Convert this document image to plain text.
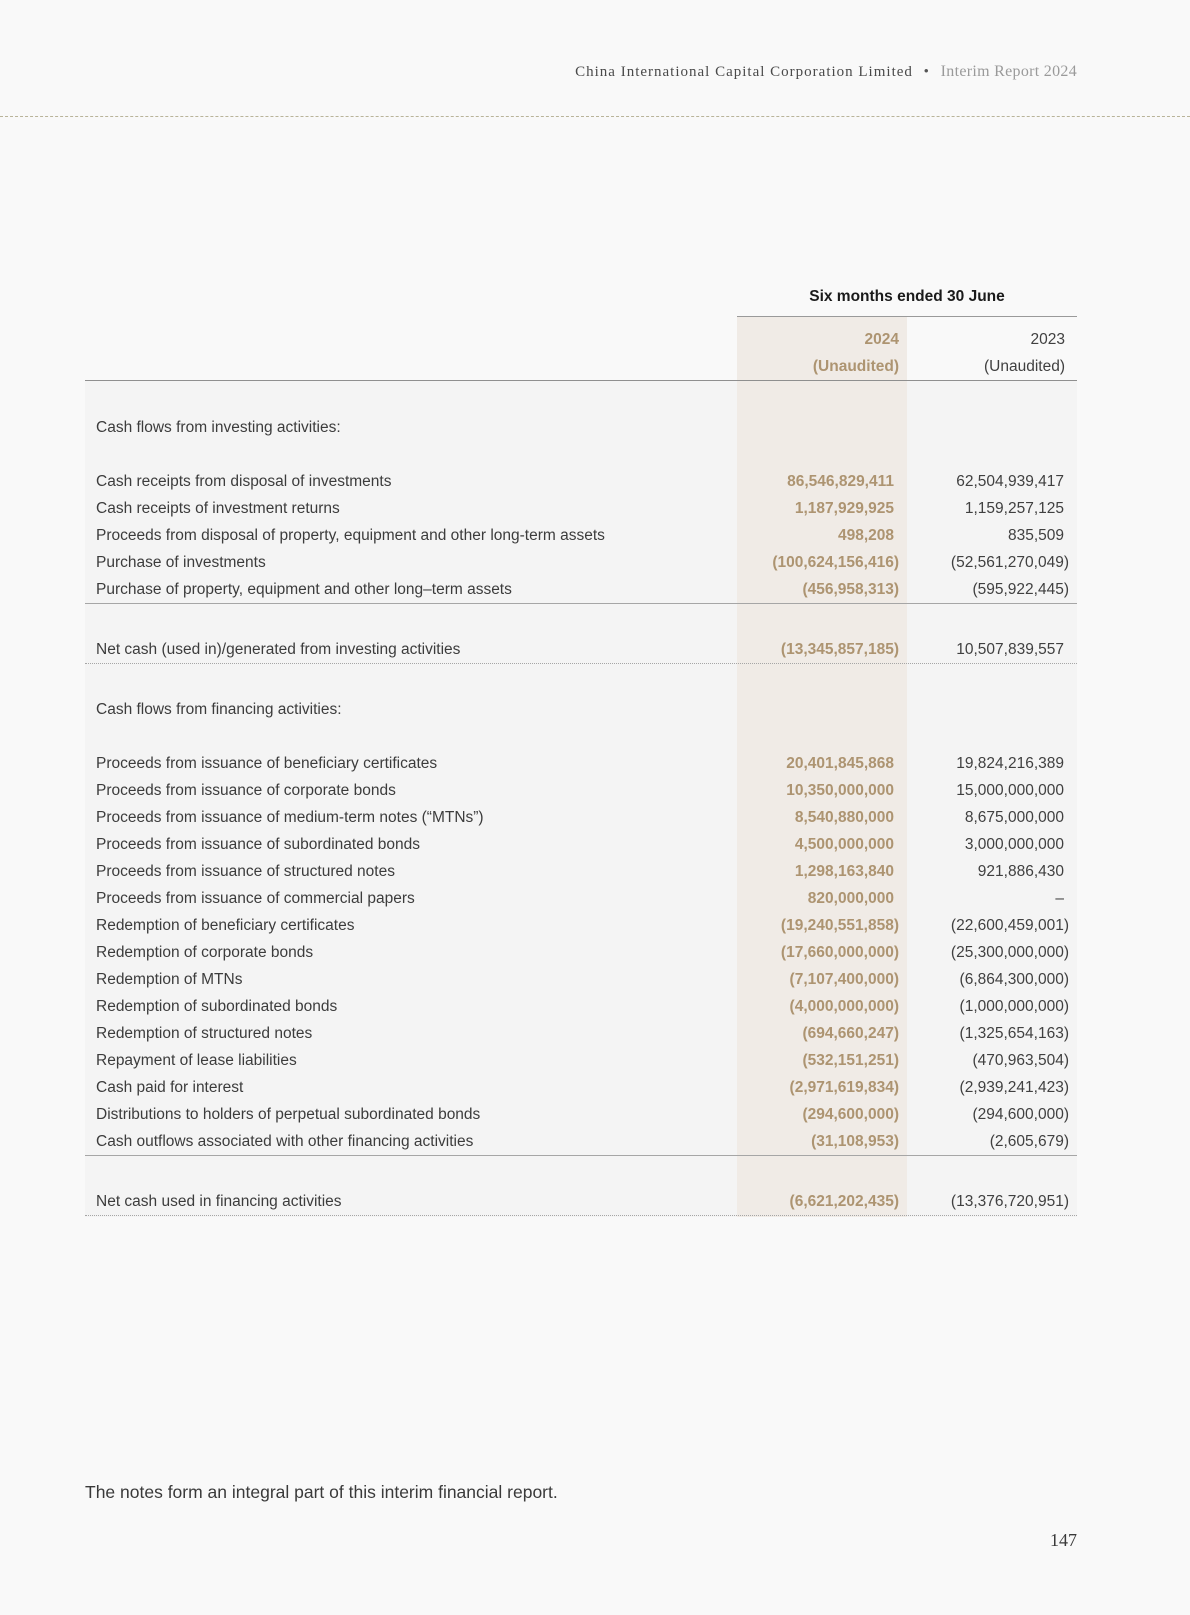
China International Capital Corporation Limited • Interim Report 2024
Six months ended 30 June
2024
(Unaudited)
2023
(Unaudited)
Cash flows from investing activities:
Cash receipts from disposal of investments	86,546,829,411	62,504,939,417
Cash receipts of investment returns	1,187,929,925	1,159,257,125
Proceeds from disposal of property, equipment and other long-term assets	498,208	835,509
Purchase of investments	(100,624,156,416)	(52,561,270,049)
Purchase of property, equipment and other long–term assets	(456,958,313)	(595,922,445)
Net cash (used in)/generated from investing activities	(13,345,857,185)	10,507,839,557
Cash flows from financing activities:
Proceeds from issuance of beneficiary certificates	20,401,845,868	19,824,216,389
Proceeds from issuance of corporate bonds	10,350,000,000	15,000,000,000
Proceeds from issuance of medium-term notes (“MTNs”)	8,540,880,000	8,675,000,000
Proceeds from issuance of subordinated bonds	4,500,000,000	3,000,000,000
Proceeds from issuance of structured notes	1,298,163,840	921,886,430
Proceeds from issuance of commercial papers	820,000,000	–
Redemption of beneficiary certificates	(19,240,551,858)	(22,600,459,001)
Redemption of corporate bonds	(17,660,000,000)	(25,300,000,000)
Redemption of MTNs	(7,107,400,000)	(6,864,300,000)
Redemption of subordinated bonds	(4,000,000,000)	(1,000,000,000)
Redemption of structured notes	(694,660,247)	(1,325,654,163)
Repayment of lease liabilities	(532,151,251)	(470,963,504)
Cash paid for interest	(2,971,619,834)	(2,939,241,423)
Distributions to holders of perpetual subordinated bonds	(294,600,000)	(294,600,000)
Cash outflows associated with other financing activities	(31,108,953)	(2,605,679)
Net cash used in financing activities	(6,621,202,435)	(13,376,720,951)
The notes form an integral part of this interim financial report.
147
